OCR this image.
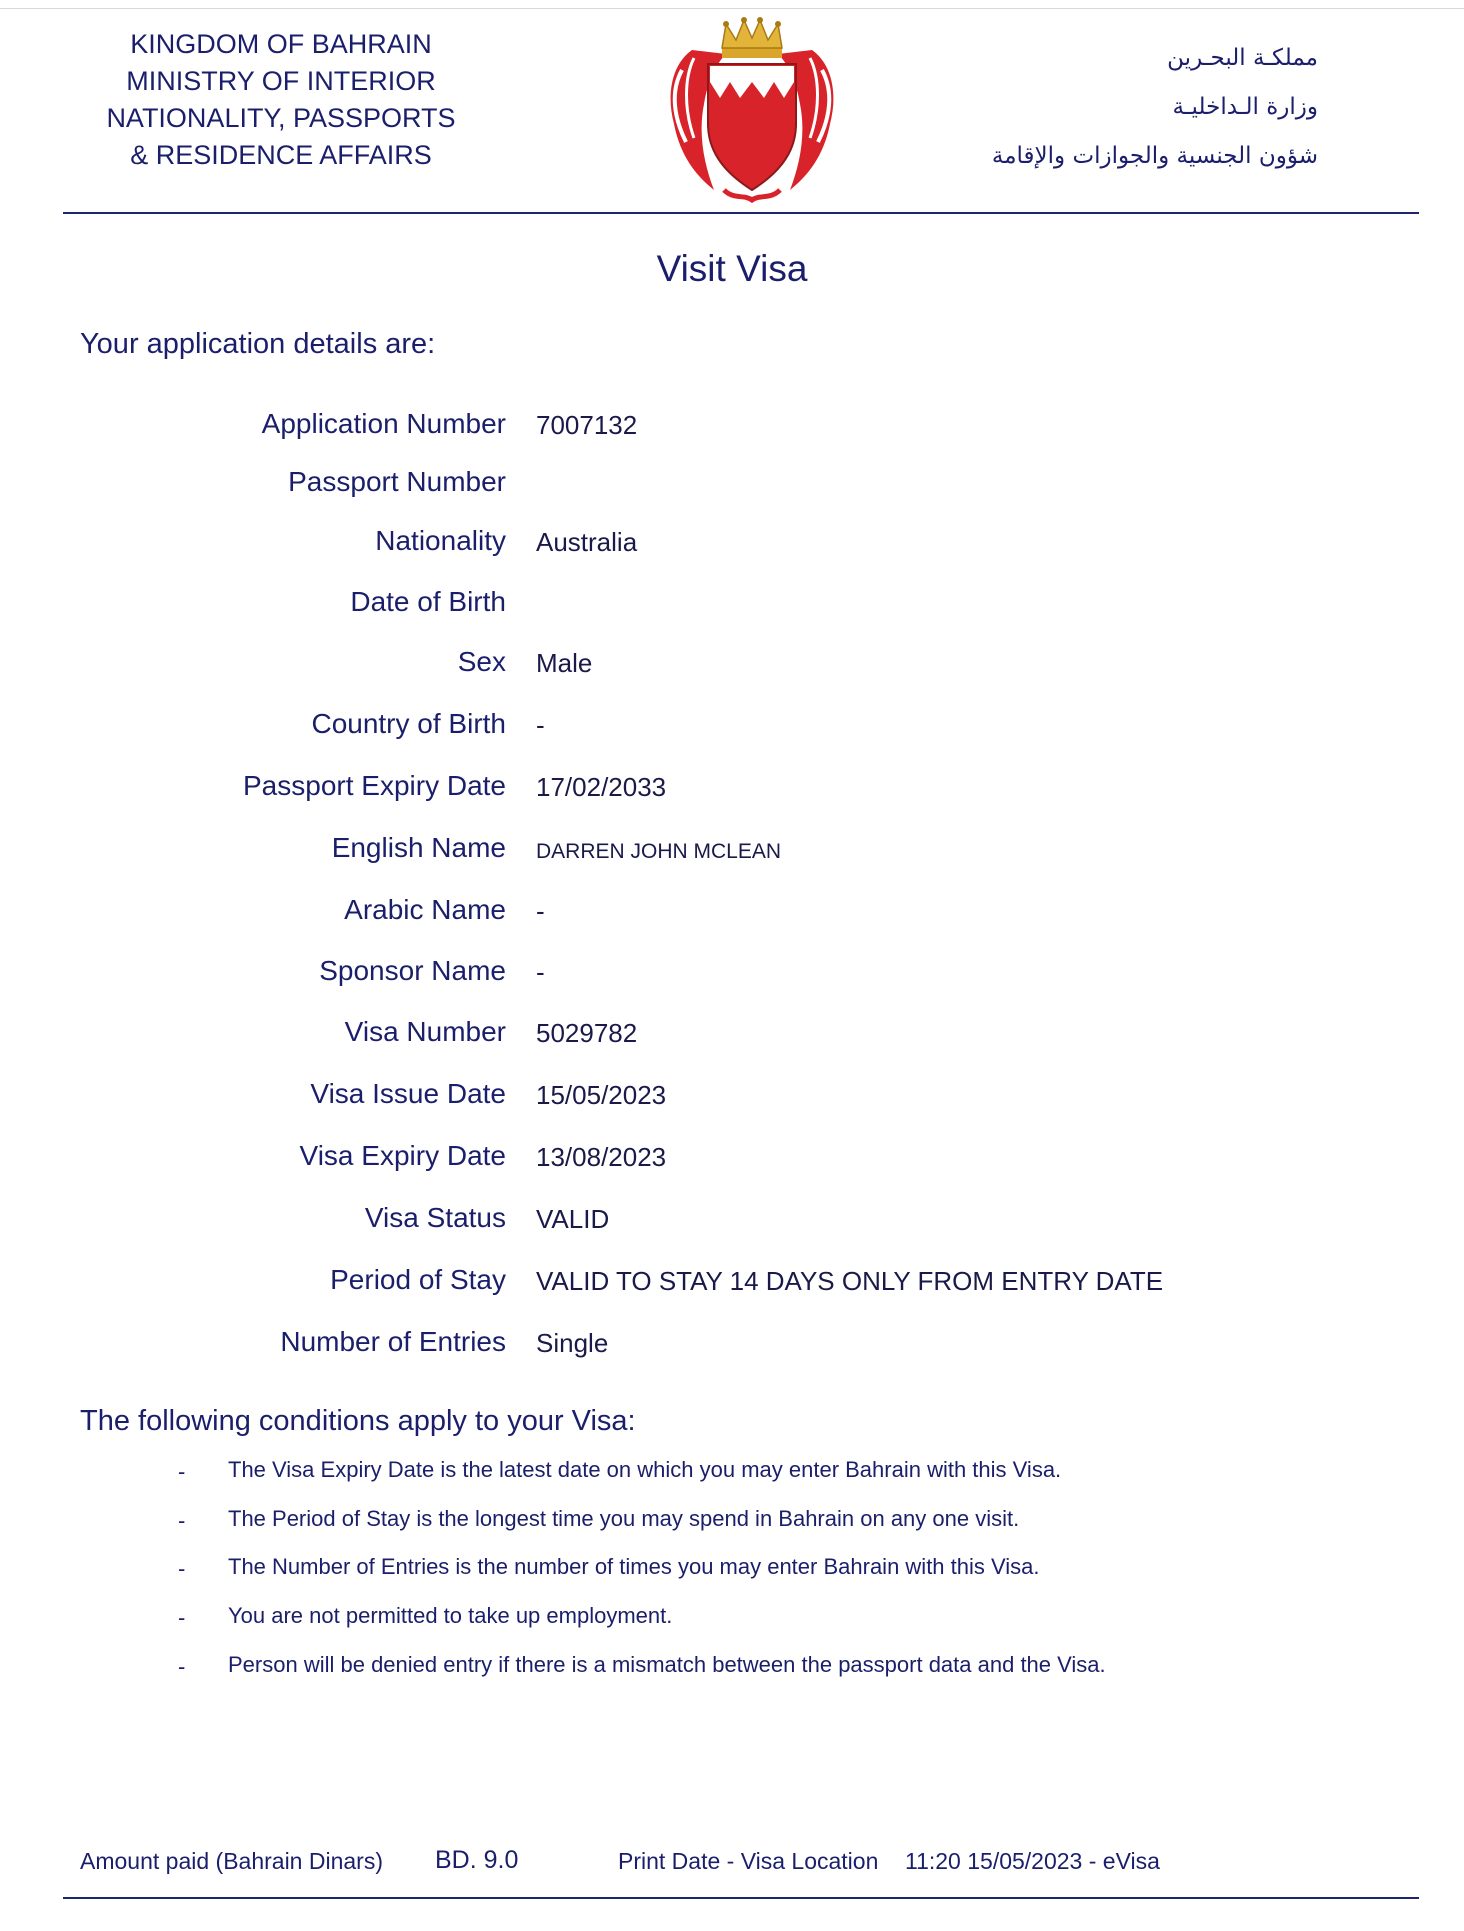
KINGDOM OF BAHRAIN
MINISTRY OF INTERIOR
NATIONALITY, PASSPORTS
& RESIDENCE AFFAIRS
مملكـة البحـرين
وزارة الـداخليـة
شؤون الجنسية والجوازات والإقامة
Visit Visa
Your application details are:
Application Number 7007132
Passport Number
Nationality Australia
Date of Birth
Sex Male
Country of Birth -
Passport Expiry Date 17/02/2033
English Name DARREN JOHN MCLEAN
Arabic Name -
Sponsor Name -
Visa Number 5029782
Visa Issue Date 15/05/2023
Visa Expiry Date 13/08/2023
Visa Status VALID
Period of Stay VALID TO STAY 14 DAYS ONLY FROM ENTRY DATE
Number of Entries Single
The following conditions apply to your Visa:
- The Visa Expiry Date is the latest date on which you may enter Bahrain with this Visa.
- The Period of Stay is the longest time you may spend in Bahrain on any one visit.
- The Number of Entries is the number of times you may enter Bahrain with this Visa.
- You are not permitted to take up employment.
- Person will be denied entry if there is a mismatch between the passport data and the Visa.
Amount paid (Bahrain Dinars) BD. 9.0	Print Date - Visa Location 11:20 15/05/2023 - eVisa
